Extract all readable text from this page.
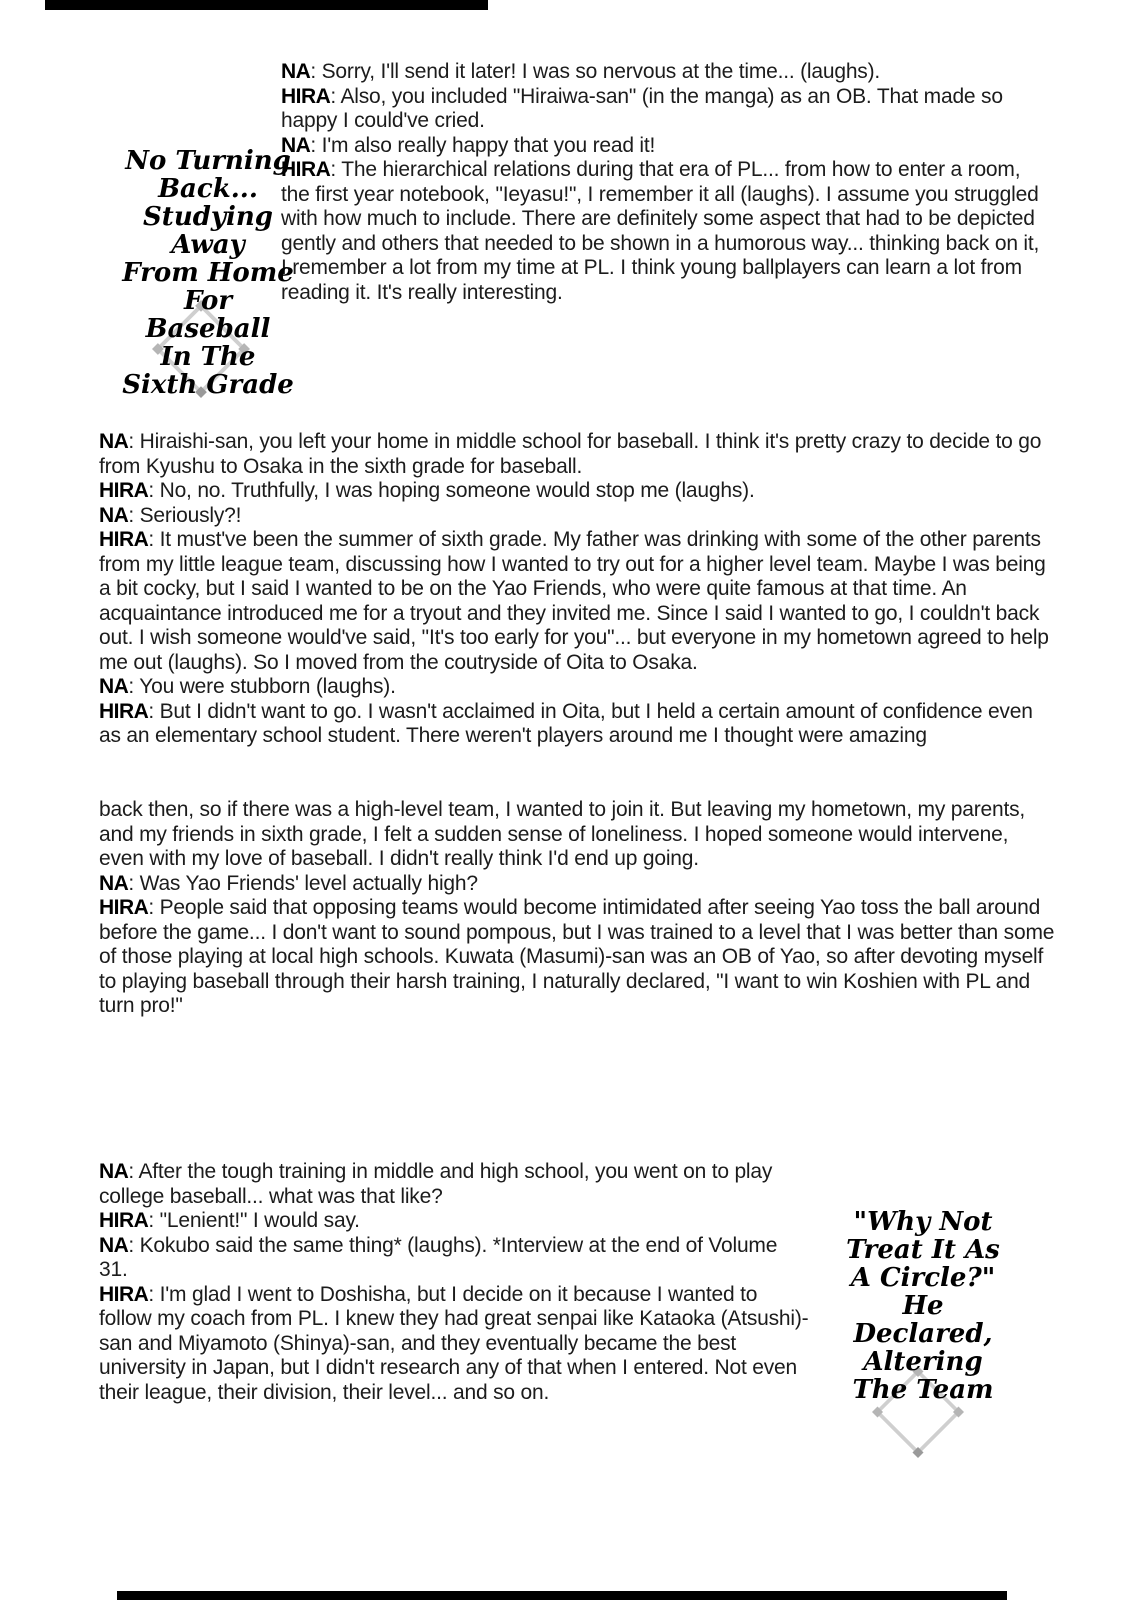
No Turning
Back...
Studying Away
From Home
For Baseball
In The
Sixth Grade

NA: Sorry, I'll send it later! I was so nervous at the time... (laughs).

HIRA: Also, you included "Hiraiwa-san" (in the manga) as an OB. That made so happy I could've cried.

NA: I'm also really happy that you read it!

HIRA: The hierarchical relations during that era of PL... from how to enter a room, the first year notebook, "Ieyasu!", I remember it all (laughs). I assume you struggled with how much to include. There are definitely some aspect that had to be depicted gently and others that needed to be shown in a humorous way... thinking back on it, I remember a lot from my time at PL. I think young ballplayers can learn a lot from reading it. It's really interesting.

NA: Hiraishi-san, you left your home in middle school for baseball. I think it's pretty crazy to decide to go from Kyushu to Osaka in the sixth grade for baseball.

HIRA: No, no. Truthfully, I was hoping someone would stop me (laughs).

NA: Seriously?!

HIRA: It must've been the summer of sixth grade. My father was drinking with some of the other parents from my little league team, discussing how I wanted to try out for a higher level team. Maybe I was being a bit cocky, but I said I wanted to be on the Yao Friends, who were quite famous at that time. An acquaintance introduced me for a tryout and they invited me. Since I said I wanted to go, I couldn't back out. I wish someone would've said, "It's too early for you"... but everyone in my hometown agreed to help me out (laughs). So I moved from the coutryside of Oita to Osaka.

NA: You were stubborn (laughs).

HIRA: But I didn't want to go. I wasn't acclaimed in Oita, but I held a certain amount of confidence even as an elementary school student. There weren't players around me I thought were amazing

back then, so if there was a high-level team, I wanted to join it. But leaving my hometown, my parents, and my friends in sixth grade, I felt a sudden sense of loneliness. I hoped someone would intervene, even with my love of baseball. I didn't really think I'd end up going.

NA: Was Yao Friends' level actually high?

HIRA: People said that opposing teams would become intimidated after seeing Yao toss the ball around before the game... I don't want to sound pompous, but I was trained to a level that I was better than some of those playing at local high schools. Kuwata (Masumi)-san was an OB of Yao, so after devoting myself to playing baseball through their harsh training, I naturally declared, "I want to win Koshien with PL and turn pro!"

NA: After the tough training in middle and high school, you went on to play college baseball... what was that like?

HIRA: "Lenient!" I would say.

NA: Kokubo said the same thing* (laughs). *Interview at the end of Volume 31.

HIRA: I'm glad I went to Doshisha, but I decide on it because I wanted to follow my coach from PL. I knew they had great senpai like Kataoka (Atsushi)-san and Miyamoto (Shinya)-san, and they eventually became the best university in Japan, but I didn't research any of that when I entered. Not even their league, their division, their level... and so on.

"Why Not
Treat It As
A Circle?"
He Declared,
Altering
The Team
